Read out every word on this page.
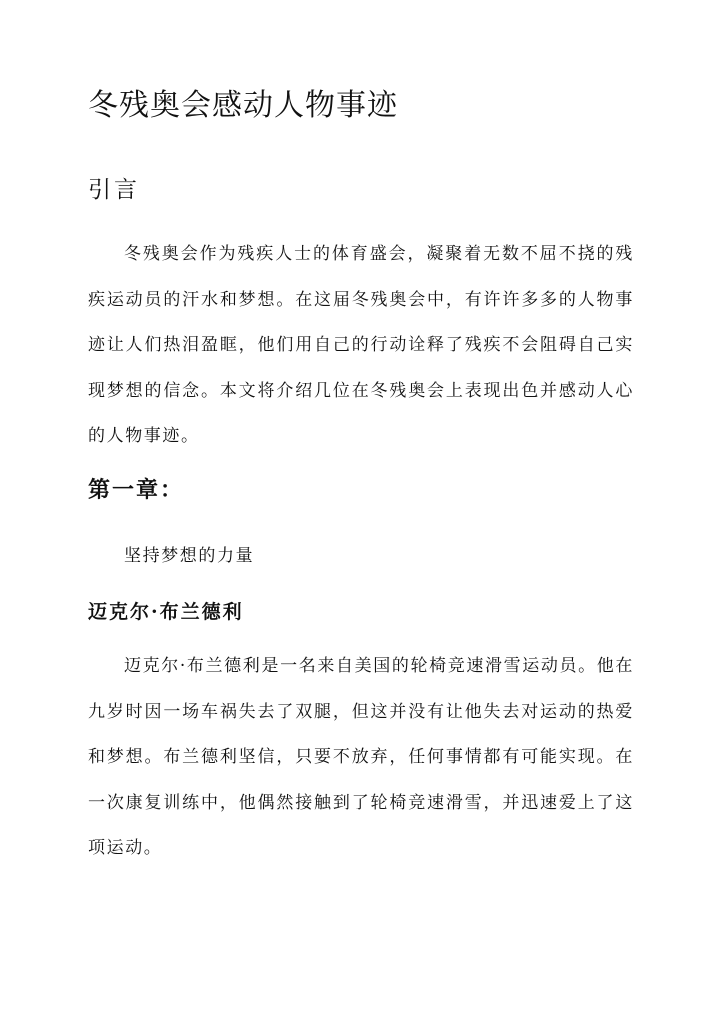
冬残奥会感动人物事迹
引言

冬残奥会作为残疾人士的体育盛会，凝聚着无数不屈不挠的残疾运动员的汗水和梦想。在这届冬残奥会中，有许许多多的人物事迹让人们热泪盈眶，他们用自己的行动诠释了残疾不会阻碍自己实现梦想的信念。本文将介绍几位在冬残奥会上表现出色并感动人心的人物事迹。

第一章：

坚持梦想的力量

迈克尔·布兰德利

迈克尔·布兰德利是一名来自美国的轮椅竞速滑雪运动员。他在九岁时因一场车祸失去了双腿，但这并没有让他失去对运动的热爱和梦想。布兰德利坚信，只要不放弃，任何事情都有可能实现。在一次康复训练中，他偶然接触到了轮椅竞速滑雪，并迅速爱上了这项运动。
